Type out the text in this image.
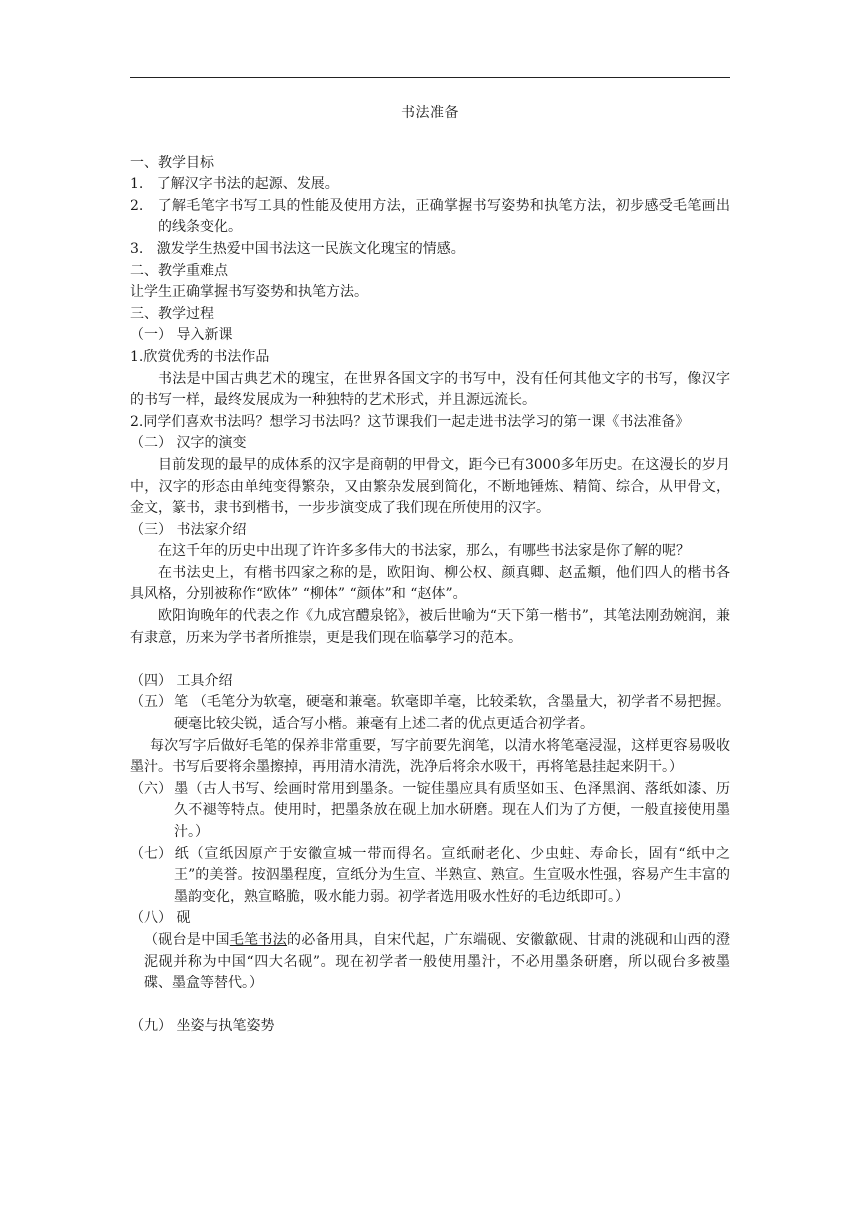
书法准备
一、教学目标
1. 了解汉字书法的起源、发展。
2. 了解毛笔字书写工具的性能及使用方法，正确掌握书写姿势和执笔方法，初步感受毛笔画出的线条变化。
3. 激发学生热爱中国书法这一民族文化瑰宝的情感。
二、教学重难点
让学生正确掌握书写姿势和执笔方法。
三、教学过程
（一） 导入新课
1.欣赏优秀的书法作品
书法是中国古典艺术的瑰宝，在世界各国文字的书写中，没有任何其他文字的书写，像汉字的书写一样，最终发展成为一种独特的艺术形式，并且源远流长。
2.同学们喜欢书法吗？想学习书法吗？这节课我们一起走进书法学习的第一课《书法准备》
（二） 汉字的演变
目前发现的最早的成体系的汉字是商朝的甲骨文，距今已有3000多年历史。在这漫长的岁月中，汉字的形态由单纯变得繁杂，又由繁杂发展到简化，不断地锤炼、精简、综合，从甲骨文，金文，篆书，隶书到楷书，一步步演变成了我们现在所使用的汉字。
（三） 书法家介绍
在这千年的历史中出现了许许多多伟大的书法家，那么，有哪些书法家是你了解的呢？
在书法史上，有楷书四家之称的是，欧阳询、柳公权、颜真卿、赵孟頫，他们四人的楷书各具风格，分别被称作“欧体” “柳体” “颜体”和 “赵体”。
欧阳询晚年的代表之作《九成宫醴泉铭》，被后世喻为“天下第一楷书”，其笔法刚劲婉润，兼有隶意，历来为学书者所推崇，更是我们现在临摹学习的范本。
（四） 工具介绍
（五） 笔 （毛笔分为软毫，硬毫和兼毫。软毫即羊毫，比较柔软，含墨量大，初学者不易把握。硬毫比较尖锐，适合写小楷。兼毫有上述二者的优点更适合初学者。
每次写字后做好毛笔的保养非常重要，写字前要先润笔，以清水将笔毫浸湿，这样更容易吸收墨汁。书写后要将余墨擦掉，再用清水清洗，洗净后将余水吸干，再将笔悬挂起来阴干。）
（六） 墨（古人书写、绘画时常用到墨条。一锭佳墨应具有质坚如玉、色泽黑润、落纸如漆、历久不褪等特点。使用时，把墨条放在砚上加水研磨。现在人们为了方便，一般直接使用墨汁。）
（七） 纸（宣纸因原产于安徽宣城一带而得名。宣纸耐老化、少虫蛀、寿命长，固有“纸中之王”的美誉。按泅墨程度，宣纸分为生宣、半熟宣、熟宣。生宣吸水性强，容易产生丰富的墨韵变化，熟宣略脆，吸水能力弱。初学者选用吸水性好的毛边纸即可。）
（八） 砚
（砚台是中国毛笔书法的必备用具，自宋代起，广东端砚、安徽歙砚、甘肃的洮砚和山西的澄泥砚并称为中国“四大名砚”。现在初学者一般使用墨汁，不必用墨条研磨，所以砚台多被墨碟、墨盒等替代。）
（九） 坐姿与执笔姿势
